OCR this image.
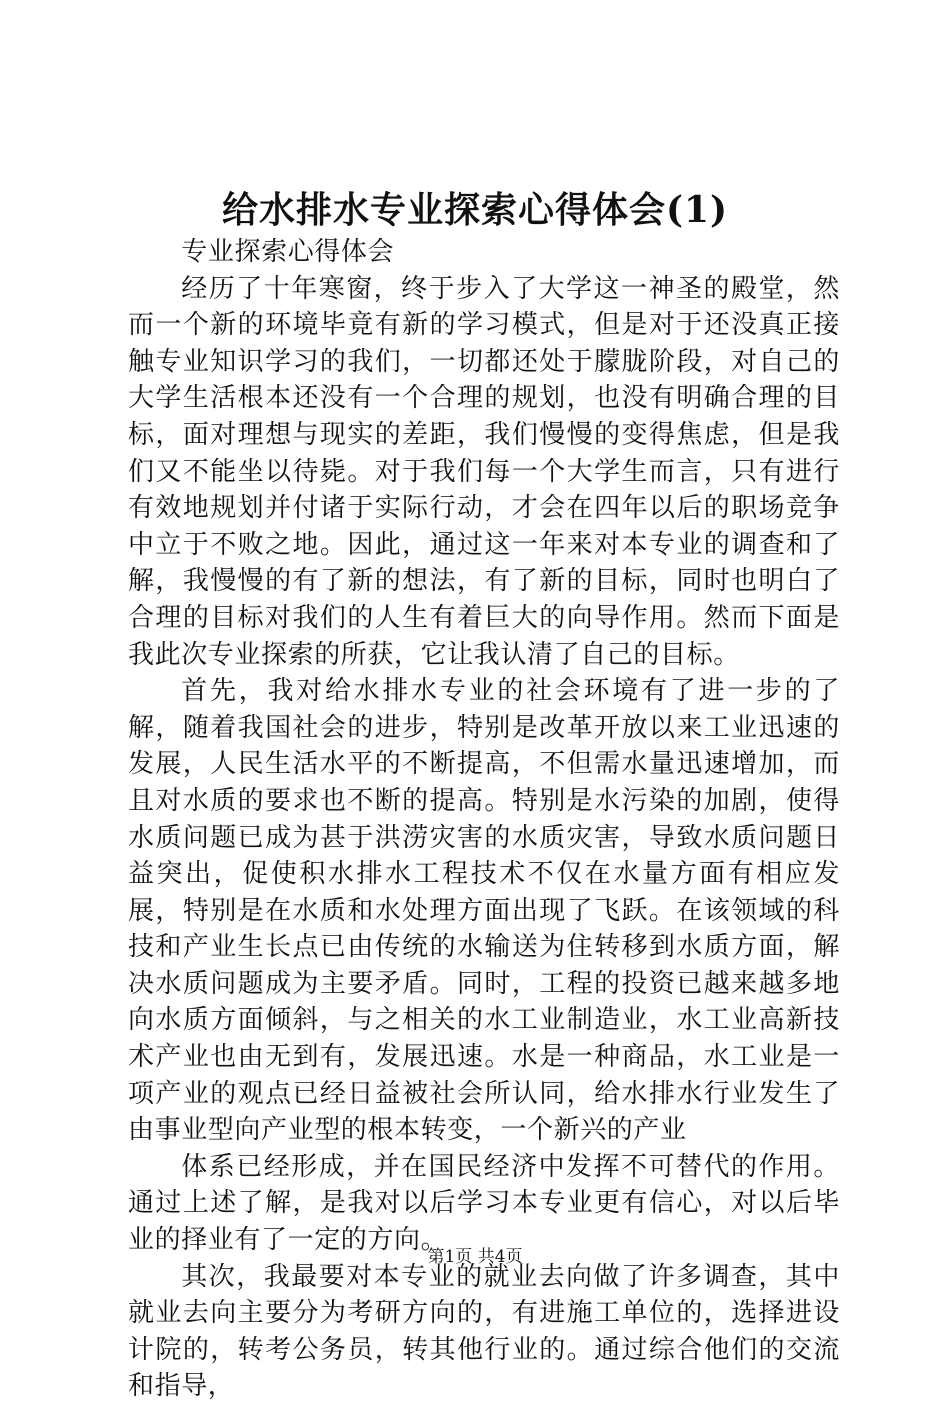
给水排水专业探索心得体会(1)

专业探索心得体会

经历了十年寒窗，终于步入了大学这一神圣的殿堂，然而一个新的环境毕竟有新的学习模式，但是对于还没真正接触专业知识学习的我们，一切都还处于朦胧阶段，对自己的大学生活根本还没有一个合理的规划，也没有明确合理的目标，面对理想与现实的差距，我们慢慢的变得焦虑，但是我们又不能坐以待毙。对于我们每一个大学生而言，只有进行有效地规划并付诸于实际行动，才会在四年以后的职场竞争中立于不败之地。因此，通过这一年来对本专业的调查和了解，我慢慢的有了新的想法，有了新的目标，同时也明白了合理的目标对我们的人生有着巨大的向导作用。然而下面是我此次专业探索的所获，它让我认清了自己的目标。

首先，我对给水排水专业的社会环境有了进一步的了解，随着我国社会的进步，特别是改革开放以来工业迅速的发展，人民生活水平的不断提高，不但需水量迅速增加，而且对水质的要求也不断的提高。特别是水污染的加剧，使得水质问题已成为甚于洪涝灾害的水质灾害，导致水质问题日益突出，促使积水排水工程技术不仅在水量方面有相应发展，特别是在水质和水处理方面出现了飞跃。在该领域的科技和产业生长点已由传统的水输送为住转移到水质方面，解决水质问题成为主要矛盾。同时，工程的投资已越来越多地向水质方面倾斜，与之相关的水工业制造业，水工业高新技术产业也由无到有，发展迅速。水是一种商品，水工业是一项产业的观点已经日益被社会所认同，给水排水行业发生了由事业型向产业型的根本转变，一个新兴的产业

体系已经形成，并在国民经济中发挥不可替代的作用。通过上述了解，是我对以后学习本专业更有信心，对以后毕业的择业有了一定的方向。

其次，我最要对本专业的就业去向做了许多调查，其中就业去向主要分为考研方向的，有进施工单位的，选择进设计院的，转考公务员，转其他行业的。通过综合他们的交流和指导，

第1页 共4页
